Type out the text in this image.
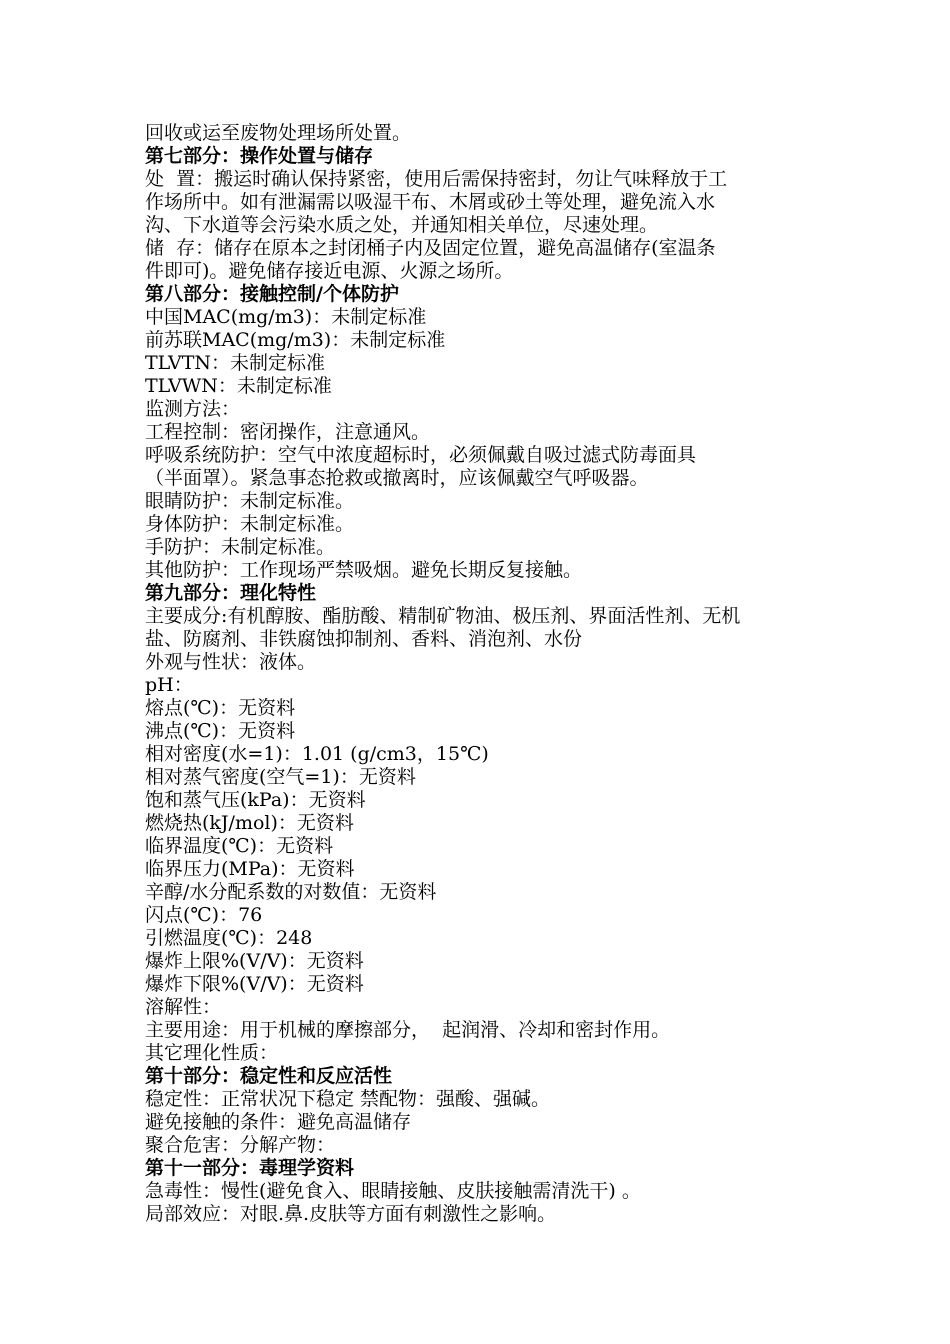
回收或运至废物处理场所处置。
第七部分：操作处置与储存
处  置：搬运时确认保持紧密，使用后需保持密封，勿让气味释放于工
作场所中。如有泄漏需以吸湿干布、木屑或砂土等处理，避免流入水
沟、下水道等会污染水质之处，并通知相关单位，尽速处理。
储  存：储存在原本之封闭桶子内及固定位置，避免高温储存(室温条
件即可)。避免储存接近电源、火源之场所。
第八部分：接触控制/个体防护
中国MAC(mg/m3)：未制定标准
前苏联MAC(mg/m3)：未制定标准
TLVTN：未制定标准
TLVWN：未制定标准
监测方法：
工程控制：密闭操作，注意通风。
呼吸系统防护：空气中浓度超标时，必须佩戴自吸过滤式防毒面具
（半面罩）。紧急事态抢救或撤离时，应该佩戴空气呼吸器。
眼睛防护：未制定标准。
身体防护：未制定标准。
手防护：未制定标准。
其他防护：工作现场严禁吸烟。避免长期反复接触。
第九部分：理化特性
主要成分:有机醇胺、酯肪酸、精制矿物油、极压剂、界面活性剂、无机
盐、防腐剂、非铁腐蚀抑制剂、香料、消泡剂、水份
外观与性状：液体。
pH：
熔点(℃)：无资料
沸点(℃)：无资料
相对密度(水=1)：1.01 (g/cm3，15℃)
相对蒸气密度(空气=1)：无资料
饱和蒸气压(kPa)：无资料
燃烧热(kJ/mol)：无资料
临界温度(℃)：无资料
临界压力(MPa)：无资料
辛醇/水分配系数的对数值：无资料
闪点(℃)：76
引燃温度(℃)：248
爆炸上限%(V/V)：无资料
爆炸下限%(V/V)：无资料
溶解性：
主要用途：用于机械的摩擦部分，  起润滑、冷却和密封作用。
其它理化性质：
第十部分：稳定性和反应活性
稳定性：正常状况下稳定 禁配物：强酸、强碱。
避免接触的条件：避免高温储存
聚合危害：分解产物：
第十一部分：毒理学资料
急毒性：慢性(避免食入、眼睛接触、皮肤接触需清洗干) 。
局部效应：对眼.鼻.皮肤等方面有刺激性之影响。
